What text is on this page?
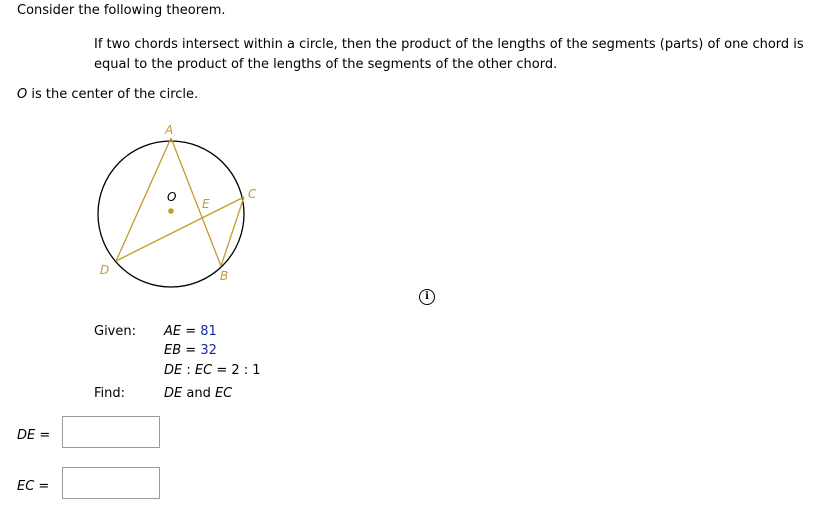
Consider the following theorem.
If two chords intersect within a circle, then the product of the lengths of the segments (parts) of one chord is
equal to the product of the lengths of the segments of the other chord.
O is the center of the circle.
A
O E
C
D	B
i
Given: AE = 81
EB = 32
DE : EC = 2 : 1
Find:	DE and EC
DE =
EC =
